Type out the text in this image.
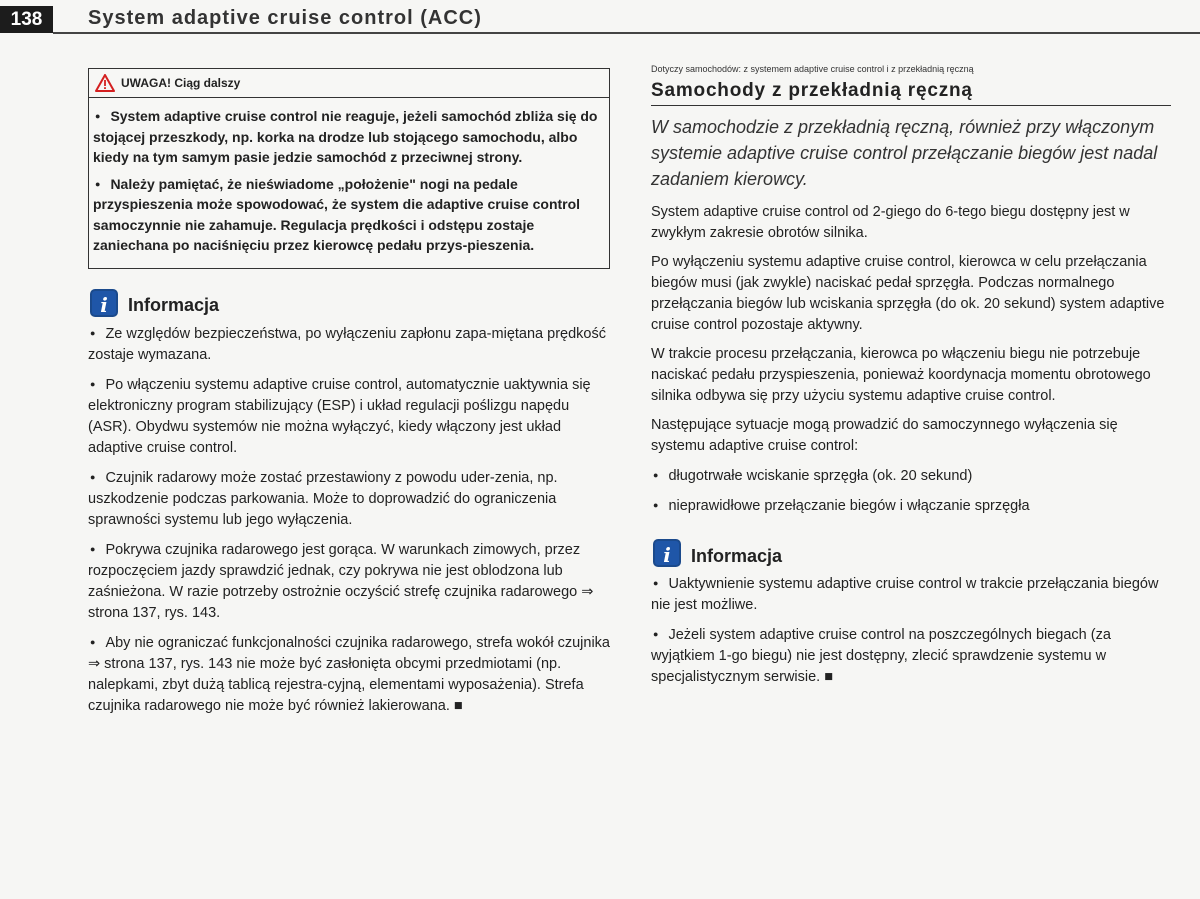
138	System adaptive cruise control (ACC)
UWAGA! Ciąg dalszy

● System adaptive cruise control nie reaguje, jeżeli samochód zbliża się do stojącej przeszkody, np. korka na drodze lub stojącego samochodu, albo kiedy na tym samym pasie jedzie samochód z przeciwnej strony.

● Należy pamiętać, że nieświadome „położenie" nogi na pedale przyspieszenia może spowodować, że system die adaptive cruise control samoczynnie nie zahamuje. Regulacja prędkości i odstępu zostaje zaniechana po naciśnięciu przez kierowcę pedału przys-pieszenia.

i	Informacja

● Ze względów bezpieczeństwa, po wyłączeniu zapłonu zapa-miętana prędkość zostaje wymazana.

● Po włączeniu systemu adaptive cruise control, automatycznie uaktywnia się elektroniczny program stabilizujący (ESP) i układ regulacji poślizgu napędu (ASR). Obydwu systemów nie można wyłączyć, kiedy włączony jest układ adaptive cruise control.

● Czujnik radarowy może zostać przestawiony z powodu uder-zenia, np. uszkodzenie podczas parkowania. Może to doprowadzić do ograniczenia sprawności systemu lub jego wyłączenia.

● Pokrywa czujnika radarowego jest gorąca. W warunkach zimowych, przez rozpoczęciem jazdy sprawdzić jednak, czy pokrywa nie jest oblodzona lub zaśnieżona. W razie potrzeby ostrożnie oczyścić strefę czujnika radarowego ⇒ strona 137, rys. 143.

● Aby nie ograniczać funkcjonalności czujnika radarowego, strefa wokół czujnika ⇒ strona 137, rys. 143 nie może być zasłonięta obcymi przedmiotami (np. nalepkami, zbyt dużą tablicą rejestra-cyjną, elementami wyposażenia). Strefa czujnika radarowego nie może być również lakierowana. ■

Dotyczy samochodów: z systemem adaptive cruise control i z przekładnią ręczną
Samochody z przekładnią ręczną
W samochodzie z przekładnią ręczną, również przy włączonym systemie adaptive cruise control przełączanie biegów jest nadal zadaniem kierowcy.

System adaptive cruise control od 2-giego do 6-tego biegu dostępny jest w zwykłym zakresie obrotów silnika.

Po wyłączeniu systemu adaptive cruise control, kierowca w celu przełączania biegów musi (jak zwykle) naciskać pedał sprzęgła. Podczas normalnego przełączania biegów lub wciskania sprzęgła (do ok. 20 sekund) system adaptive cruise control pozostaje aktywny.

W trakcie procesu przełączania, kierowca po włączeniu biegu nie potrzebuje naciskać pedału przyspieszenia, ponieważ koordynacja momentu obrotowego silnika odbywa się przy użyciu systemu adaptive cruise control.

Następujące sytuacje mogą prowadzić do samoczynnego wyłączenia się systemu adaptive cruise control:

● długotrwałe wciskanie sprzęgła (ok. 20 sekund)

● nieprawidłowe przełączanie biegów i włączanie sprzęgła

i	Informacja

● Uaktywnienie systemu adaptive cruise control w trakcie przełączania biegów nie jest możliwe.

● Jeżeli system adaptive cruise control na poszczególnych biegach (za wyjątkiem 1-go biegu) nie jest dostępny, zlecić sprawdzenie systemu w specjalistycznym serwisie. ■
